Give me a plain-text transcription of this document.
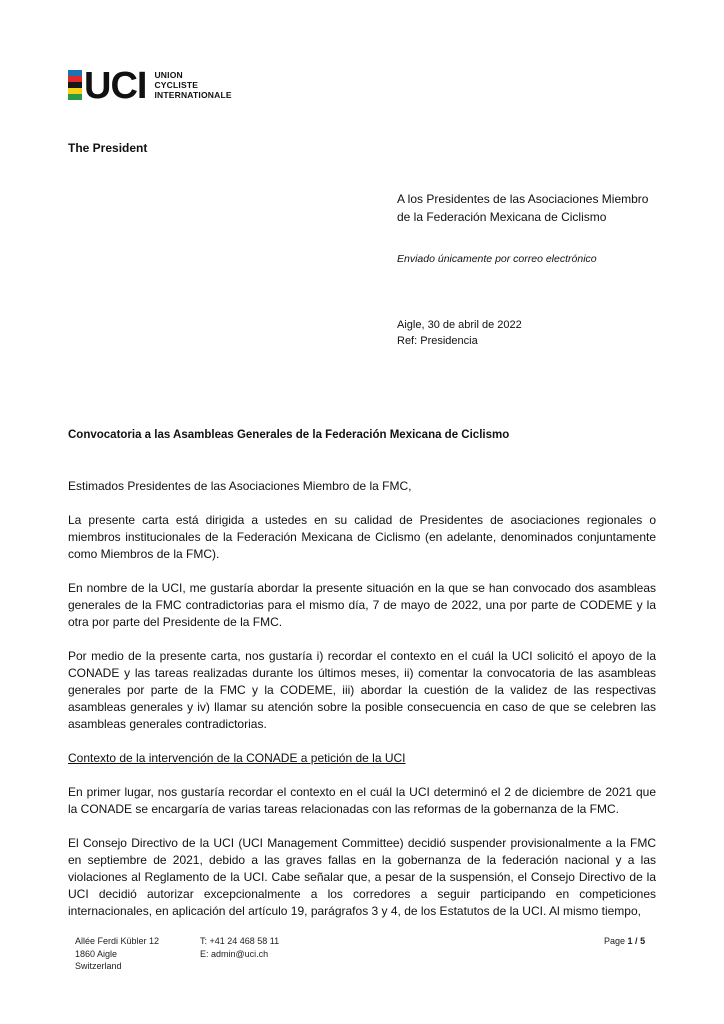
UCI UNION
CYCLISTE
INTERNATIONALE
The President
A los Presidentes de las Asociaciones Miembro
de la Federación Mexicana de Ciclismo
Enviado únicamente por correo electrónico
Aigle, 30 de abril de 2022
Ref: Presidencia
Convocatoria a las Asambleas Generales de la Federación Mexicana de Ciclismo

Estimados Presidentes de las Asociaciones Miembro de la FMC,

La presente carta está dirigida a ustedes en su calidad de Presidentes de asociaciones regionales o miembros institucionales de la Federación Mexicana de Ciclismo (en adelante, denominados conjuntamente como Miembros de la FMC).

En nombre de la UCI, me gustaría abordar la presente situación en la que se han convocado dos asambleas generales de la FMC contradictorias para el mismo día, 7 de mayo de 2022, una por parte de CODEME y la otra por parte del Presidente de la FMC.

Por medio de la presente carta, nos gustaría i) recordar el contexto en el cuál la UCI solicitó el apoyo de la CONADE y las tareas realizadas durante los últimos meses, ii) comentar la convocatoria de las asambleas generales por parte de la FMC y la CODEME, iii) abordar la cuestión de la validez de las respectivas asambleas generales y iv) llamar su atención sobre la posible consecuencia en caso de que se celebren las asambleas generales contradictorias.

Contexto de la intervención de la CONADE a petición de la UCI

En primer lugar, nos gustaría recordar el contexto en el cuál la UCI determinó el 2 de diciembre de 2021 que la CONADE se encargaría de varias tareas relacionadas con las reformas de la gobernanza de la FMC.

El Consejo Directivo de la UCI (UCI Management Committee) decidió suspender provisionalmente a la FMC en septiembre de 2021, debido a las graves fallas en la gobernanza de la federación nacional y a las violaciones al Reglamento de la UCI. Cabe señalar que, a pesar de la suspensión, el Consejo Directivo de la UCI decidió autorizar excepcionalmente a los corredores a seguir participando en competiciones internacionales, en aplicación del artículo 19, parágrafos 3 y 4, de los Estatutos de la UCI. Al mismo tiempo,

Allée Ferdi Kübler 12
1860 Aigle
Switzerland
T: +41 24 468 58 11
E: admin@uci.ch
Page 1 / 5
